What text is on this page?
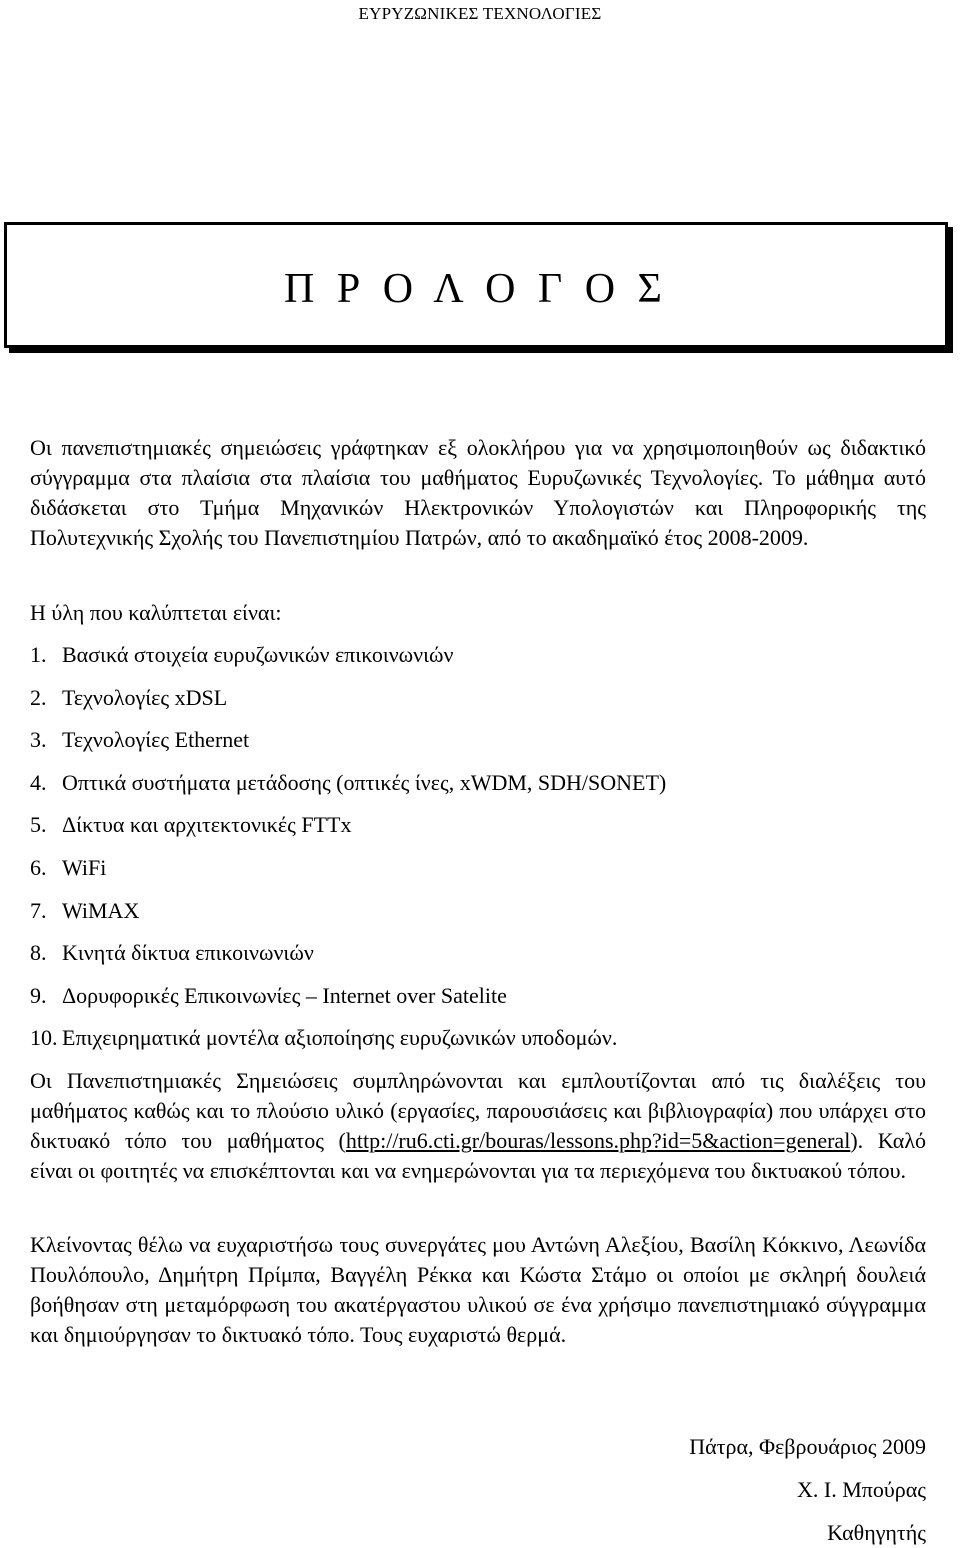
ΕΥΡΥΖΩΝΙΚΕΣ ΤΕΧΝΟΛΟΓΙΕΣ
Π Ρ Ο Λ Ο Γ Ο Σ

Οι πανεπιστημιακές σημειώσεις γράφτηκαν εξ ολοκλήρου για να χρησιμοποιηθούν ως διδακτικό σύγγραμμα στα πλαίσια στα πλαίσια του μαθήματος Ευρυζωνικές Τεχνολογίες. Το μάθημα αυτό διδάσκεται στο Τμήμα Μηχανικών Ηλεκτρονικών Υπολογιστών και Πληροφορικής της Πολυτεχνικής Σχολής του Πανεπιστημίου Πατρών, από το ακαδημαϊκό έτος 2008-2009.

Η ύλη που καλύπτεται είναι:
1. Βασικά στοιχεία ευρυζωνικών επικοινωνιών
2. Τεχνολογίες xDSL
3. Τεχνολογίες Ethernet
4. Οπτικά συστήματα μετάδοσης (οπτικές ίνες, xWDM, SDH/SONET)
5. Δίκτυα και αρχιτεκτονικές FTTx
6. WiFi
7. WiMAX
8. Κινητά δίκτυα επικοινωνιών
9. Δορυφορικές Επικοινωνίες – Internet over Satelite
10. Επιχειρηματικά μοντέλα αξιοποίησης ευρυζωνικών υποδομών.
Οι Πανεπιστημιακές Σημειώσεις συμπληρώνονται και εμπλουτίζονται από τις διαλέξεις του μαθήματος καθώς και το πλούσιο υλικό (εργασίες, παρουσιάσεις και βιβλιογραφία) που υπάρχει στο δικτυακό τόπο του μαθήματος (http://ru6.cti.gr/bouras/lessons.php?id=5&action=general). Καλό είναι οι φοιτητές να επισκέπτονται και να ενημερώνονται για τα περιεχόμενα του δικτυακού τόπου.
Κλείνοντας θέλω να ευχαριστήσω τους συνεργάτες μου Αντώνη Αλεξίου, Βασίλη Κόκκινο, Λεωνίδα Πουλόπουλο, Δημήτρη Πρίμπα, Βαγγέλη Ρέκκα και Κώστα Στάμο οι οποίοι με σκληρή δουλειά βοήθησαν στη μεταμόρφωση του ακατέργαστου υλικού σε ένα χρήσιμο πανεπιστημιακό σύγγραμμα και δημιούργησαν το δικτυακό τόπο. Τους ευχαριστώ θερμά.
Πάτρα, Φεβρουάριος 2009
Χ. Ι. Μπούρας
Καθηγητής
